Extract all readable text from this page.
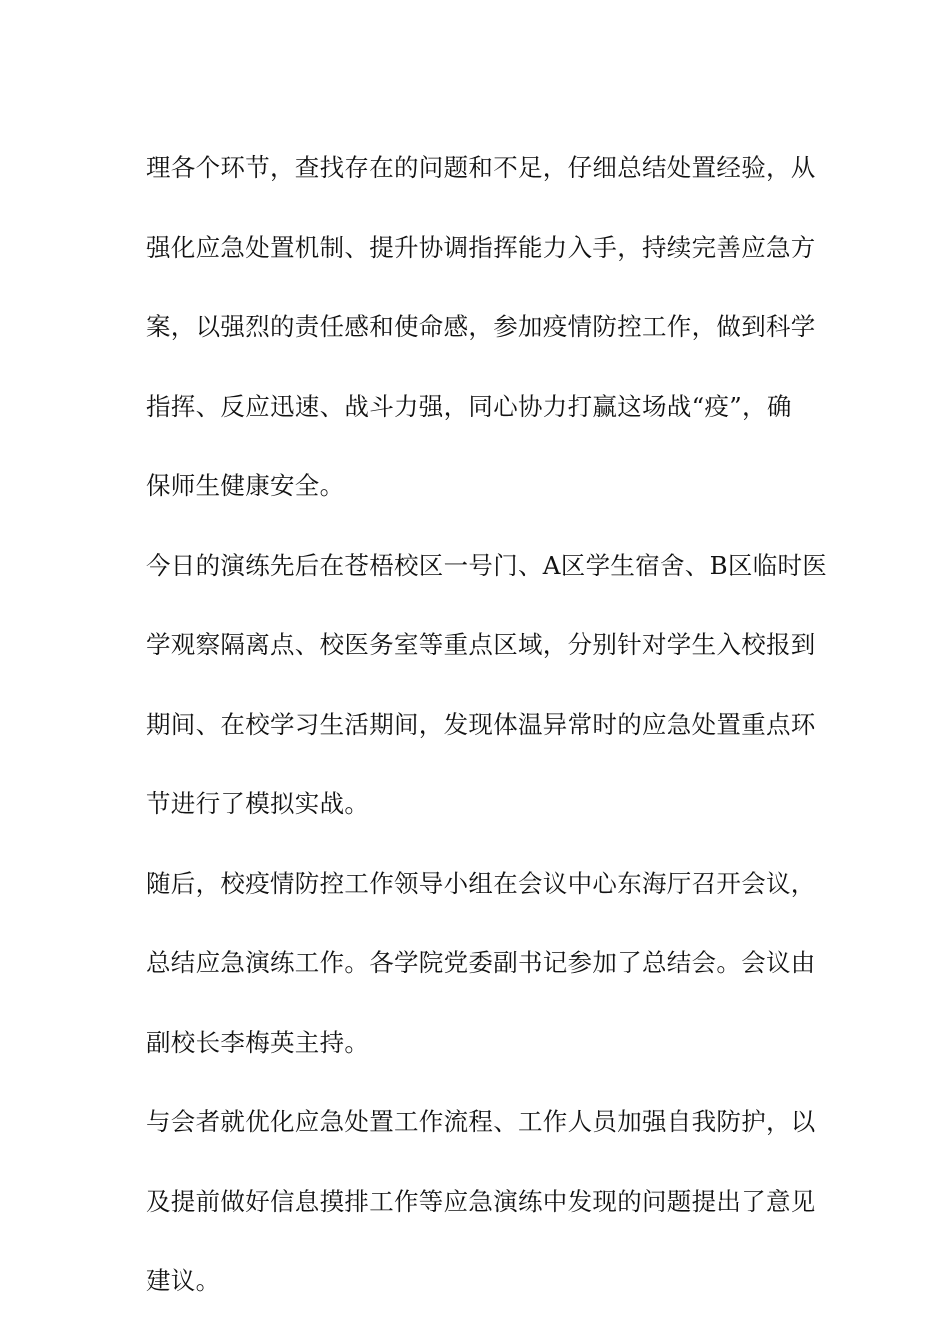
理各个环节，查找存在的问题和不足，仔细总结处置经验，从

强化应急处置机制、提升协调指挥能力入手，持续完善应急方

案，以强烈的责任感和使命感，参加疫情防控工作，做到科学

指挥、反应迅速、战斗力强，同心协力打赢这场战“疫”，确

保师生健康安全。

今日的演练先后在苍梧校区一号门、A区学生宿舍、B区临时医

学观察隔离点、校医务室等重点区域，分别针对学生入校报到

期间、在校学习生活期间，发现体温异常时的应急处置重点环

节进行了模拟实战。

随后，校疫情防控工作领导小组在会议中心东海厅召开会议，

总结应急演练工作。各学院党委副书记参加了总结会。会议由

副校长李梅英主持。

与会者就优化应急处置工作流程、工作人员加强自我防护，以

及提前做好信息摸排工作等应急演练中发现的问题提出了意见

建议。
